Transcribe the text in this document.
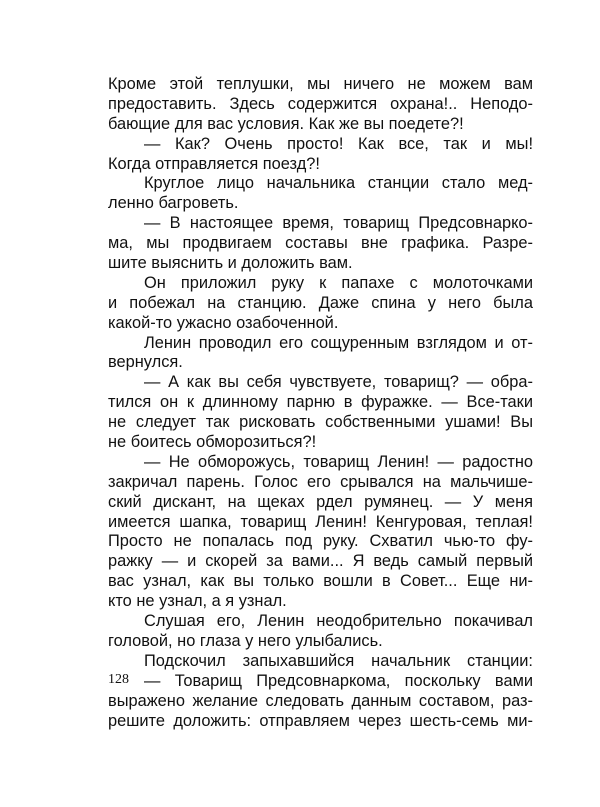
Кроме этой теплушки, мы ничего не можем вам
предоставить. Здесь содержится охрана!.. Неподо-
бающие для вас условия. Как же вы поедете?!
— Как? Очень просто! Как все, так и мы!
Когда отправляется поезд?!
Круглое лицо начальника станции стало мед-
ленно багроветь.
— В настоящее время, товарищ Предсовнарко-
ма, мы продвигаем составы вне графика. Разре-
шите выяснить и доложить вам.
Он приложил руку к папахе с молоточками
и побежал на станцию. Даже спина у него была
какой-то ужасно озабоченной.
Ленин проводил его сощуренным взглядом и от-
вернулся.
— А как вы себя чувствуете, товарищ? — обра-
тился он к длинному парню в фуражке. — Все-таки
не следует так рисковать собственными ушами! Вы
не боитесь обморозиться?!
— Не обморожусь, товарищ Ленин! — радостно
закричал парень. Голос его срывался на мальчише-
ский дискант, на щеках рдел румянец. — У меня
имеется шапка, товарищ Ленин! Кенгуровая, теплая!
Просто не попалась под руку. Схватил чью-то фу-
ражку — и скорей за вами... Я ведь самый первый
вас узнал, как вы только вошли в Совет... Еще ни-
кто не узнал, а я узнал.
Слушая его, Ленин неодобрительно покачивал
головой, но глаза у него улыбались.
Подскочил запыхавшийся начальник станции:
— Товарищ Предсовнаркома, поскольку вами
выражено желание следовать данным составом, раз-
решите доложить: отправляем через шесть-семь ми-
128
